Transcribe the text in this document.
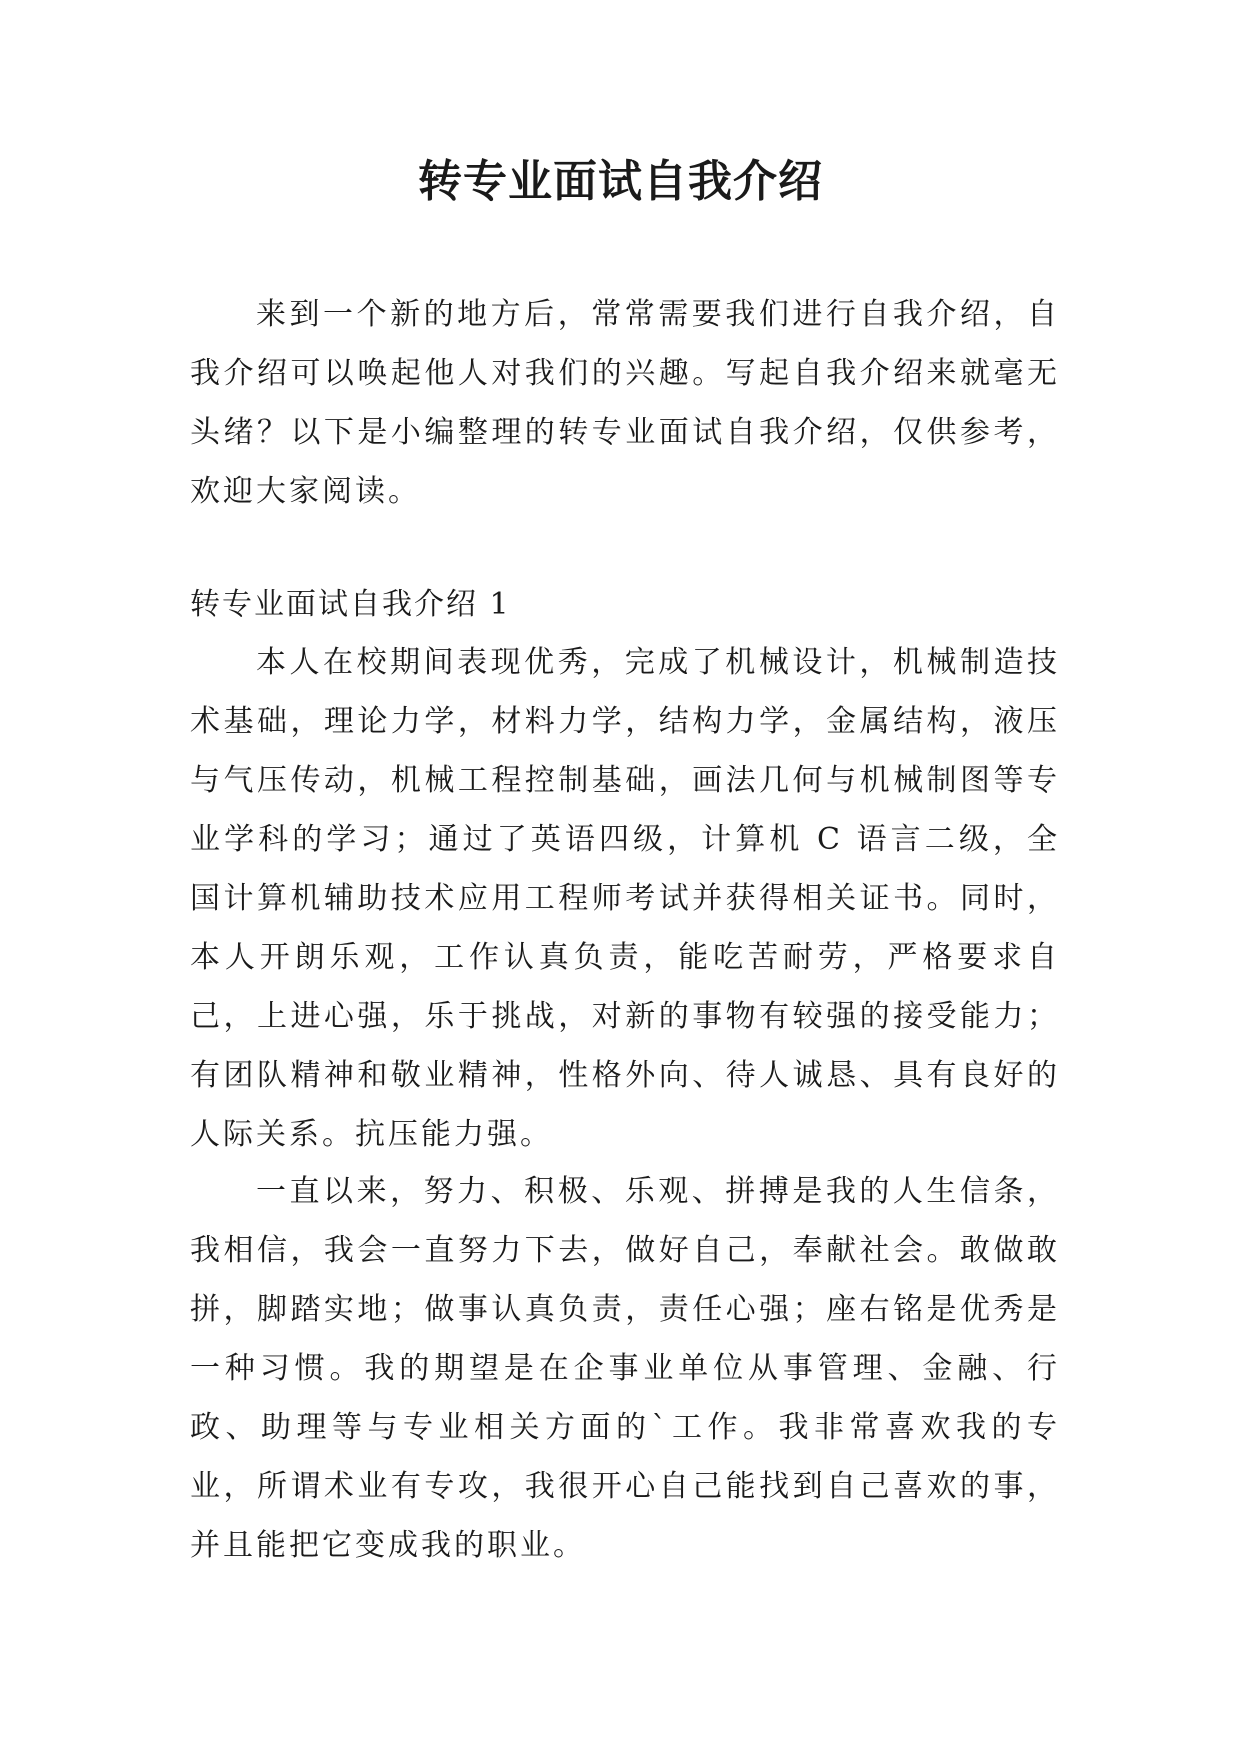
转专业面试自我介绍

来到一个新的地方后，常常需要我们进行自我介绍，自我介绍可以唤起他人对我们的兴趣。写起自我介绍来就毫无头绪？以下是小编整理的转专业面试自我介绍，仅供参考，欢迎大家阅读。

转专业面试自我介绍 1

本人在校期间表现优秀，完成了机械设计，机械制造技术基础，理论力学，材料力学，结构力学，金属结构，液压与气压传动，机械工程控制基础，画法几何与机械制图等专业学科的学习；通过了英语四级，计算机 C 语言二级，全国计算机辅助技术应用工程师考试并获得相关证书。同时，本人开朗乐观，工作认真负责，能吃苦耐劳，严格要求自己，上进心强，乐于挑战，对新的事物有较强的接受能力；有团队精神和敬业精神，性格外向、待人诚恳、具有良好的人际关系。抗压能力强。

一直以来，努力、积极、乐观、拼搏是我的人生信条，我相信，我会一直努力下去，做好自己，奉献社会。敢做敢拼，脚踏实地；做事认真负责，责任心强；座右铭是优秀是一种习惯。我的期望是在企事业单位从事管理、金融、行政、助理等与专业相关方面的`工作。我非常喜欢我的专业，所谓术业有专攻，我很开心自己能找到自己喜欢的事，并且能把它变成我的职业。
